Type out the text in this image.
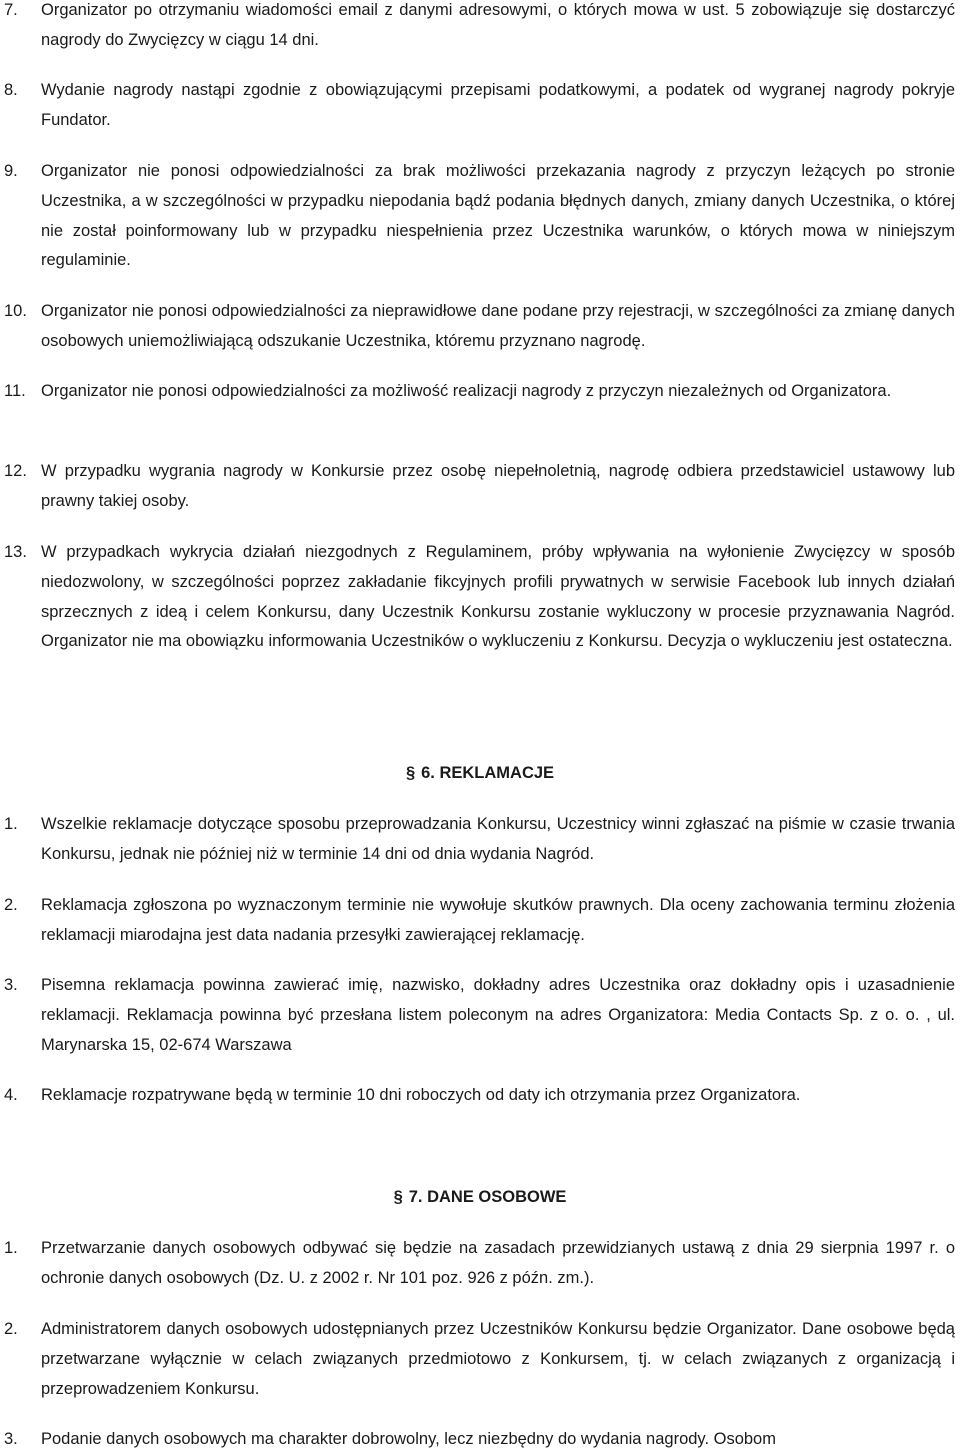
7. Organizator po otrzymaniu wiadomości email z danymi adresowymi, o których mowa w ust. 5 zobowiązuje się dostarczyć nagrody do Zwycięzcy w ciągu 14 dni.
8. Wydanie nagrody nastąpi zgodnie z obowiązującymi przepisami podatkowymi, a podatek od wygranej nagrody pokryje Fundator.
9. Organizator nie ponosi odpowiedzialności za brak możliwości przekazania nagrody z przyczyn leżących po stronie Uczestnika, a w szczególności w przypadku niepodania bądź podania błędnych danych, zmiany danych Uczestnika, o której nie został poinformowany lub w przypadku niespełnienia przez Uczestnika warunków, o których mowa w niniejszym regulaminie.
10. Organizator nie ponosi odpowiedzialności za nieprawidłowe dane podane przy rejestracji, w szczególności za zmianę danych osobowych uniemożliwiającą odszukanie Uczestnika, któremu przyznano nagrodę.
11. Organizator nie ponosi odpowiedzialności za możliwość realizacji nagrody z przyczyn niezależnych od Organizatora.
12. W przypadku wygrania nagrody w Konkursie przez osobę niepełnoletnią, nagrodę odbiera przedstawiciel ustawowy lub prawny takiej osoby.
13. W przypadkach wykrycia działań niezgodnych z Regulaminem, próby wpływania na wyłonienie Zwycięzcy w sposób niedozwolony, w szczególności poprzez zakładanie fikcyjnych profili prywatnych w serwisie Facebook lub innych działań sprzecznych z ideą i celem Konkursu, dany Uczestnik Konkursu zostanie wykluczony w procesie przyznawania Nagród. Organizator nie ma obowiązku informowania Uczestników o wykluczeniu z Konkursu. Decyzja o wykluczeniu jest ostateczna.
§ 6. REKLAMACJE
1. Wszelkie reklamacje dotyczące sposobu przeprowadzania Konkursu, Uczestnicy winni zgłaszać na piśmie w czasie trwania Konkursu, jednak nie później niż w terminie 14 dni od dnia wydania Nagród.
2. Reklamacja zgłoszona po wyznaczonym terminie nie wywołuje skutków prawnych. Dla oceny zachowania terminu złożenia reklamacji miarodajna jest data nadania przesyłki zawierającej reklamację.
3. Pisemna reklamacja powinna zawierać imię, nazwisko, dokładny adres Uczestnika oraz dokładny opis i uzasadnienie reklamacji. Reklamacja powinna być przesłana listem poleconym na adres Organizatora: Media Contacts Sp. z o. o. , ul. Marynarska 15, 02-674 Warszawa
4. Reklamacje rozpatrywane będą w terminie 10 dni roboczych od daty ich otrzymania przez Organizatora.
§ 7. DANE OSOBOWE
1. Przetwarzanie danych osobowych odbywać się będzie na zasadach przewidzianych ustawą z dnia 29 sierpnia 1997 r. o ochronie danych osobowych (Dz. U. z 2002 r. Nr 101 poz. 926 z późn. zm.).
2. Administratorem danych osobowych udostępnianych przez Uczestników Konkursu będzie Organizator. Dane osobowe będą przetwarzane wyłącznie w celach związanych przedmiotowo z Konkursem, tj. w celach związanych z organizacją i przeprowadzeniem Konkursu.
3. Podanie danych osobowych ma charakter dobrowolny, lecz niezbędny do wydania nagrody. Osobom
